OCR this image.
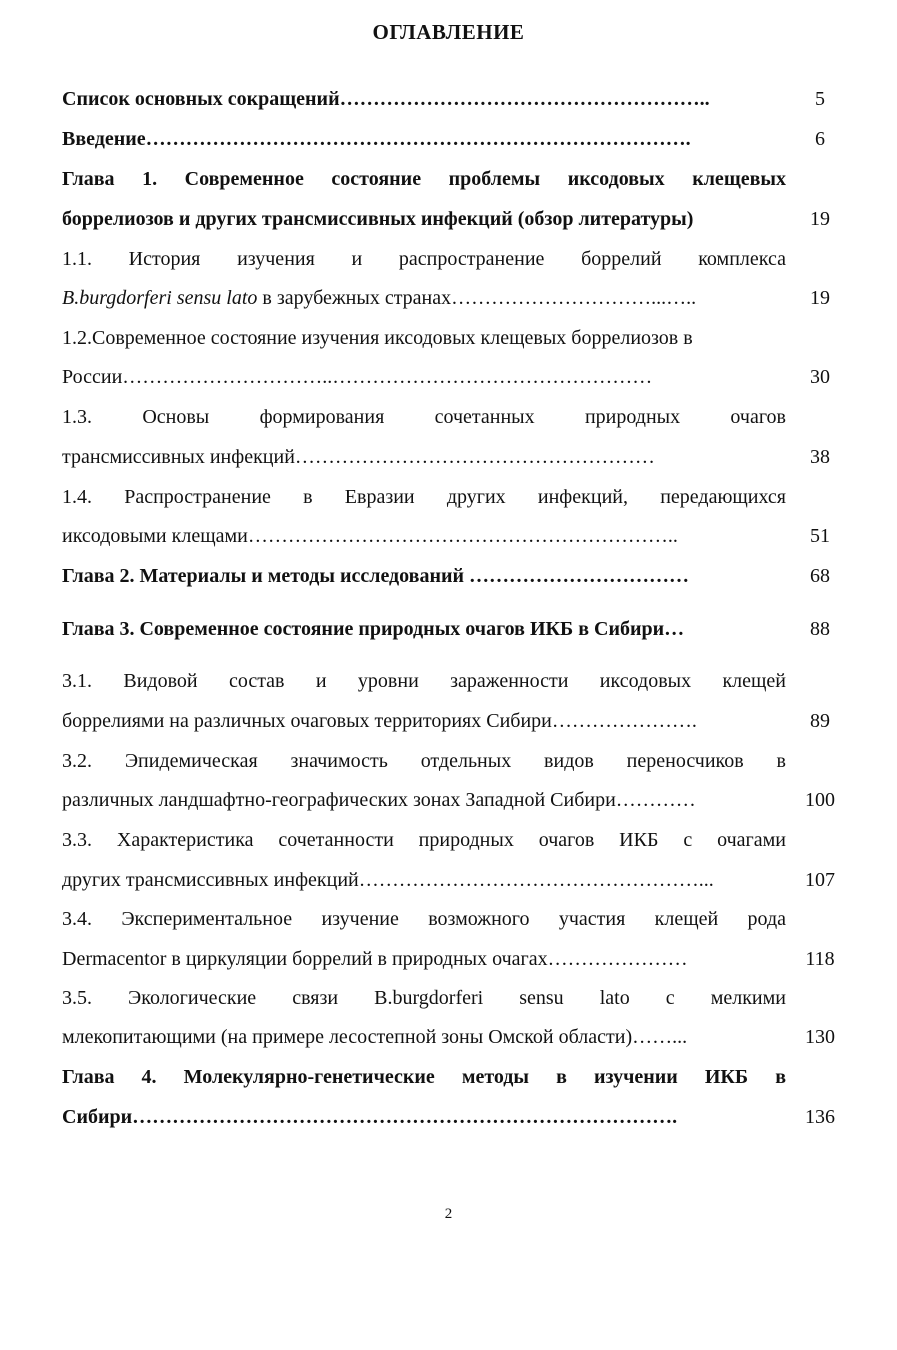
ОГЛАВЛЕНИЕ
Список основных сокращений………………………………………………..	5
Введение……………………………………………………………………….	6
Глава 1. Современное состояние проблемы иксодовых клещевых
боррелиозов и других трансмиссивных инфекций (обзор литературы)	19
1.1. История изучения и распространение боррелий комплекса
B.burgdorferi sensu lato в зарубежных странах…………………………...…..	19
1.2.Современное состояние изучения иксодовых клещевых боррелиозов в
России…………………………..…………………………………………	30
1.3. Основы формирования сочетанных природных очагов
трансмиссивных инфекций………………………………………………	38
1.4. Распространение в Евразии других инфекций, передающихся
иксодовыми клещами………………………………………………………..	51
Глава 2. Материалы и методы исследований ……………………………	68
Глава 3. Современное состояние природных очагов ИКБ в Сибири…	88
3.1. Видовой состав и уровни зараженности иксодовых клещей
боррелиями на различных очаговых территориях Сибири………………….	89
3.2. Эпидемическая значимость отдельных видов переносчиков в
различных ландшафтно-географических зонах Западной Сибири…………	100
3.3. Характеристика сочетанности природных очагов ИКБ с очагами
других трансмиссивных инфекций……………………………………………...	107
3.4. Экспериментальное изучение возможного участия клещей рода
Dermacentor в циркуляции боррелий в природных очагах…………………	118
3.5. Экологические связи B.burgdorferi sensu lato с мелкими
млекопитающими (на примере лесостепной зоны Омской области)……...	130
Глава 4. Молекулярно-генетические методы в изучении ИКБ в
Сибири……………………………………………………………………….	136
2
